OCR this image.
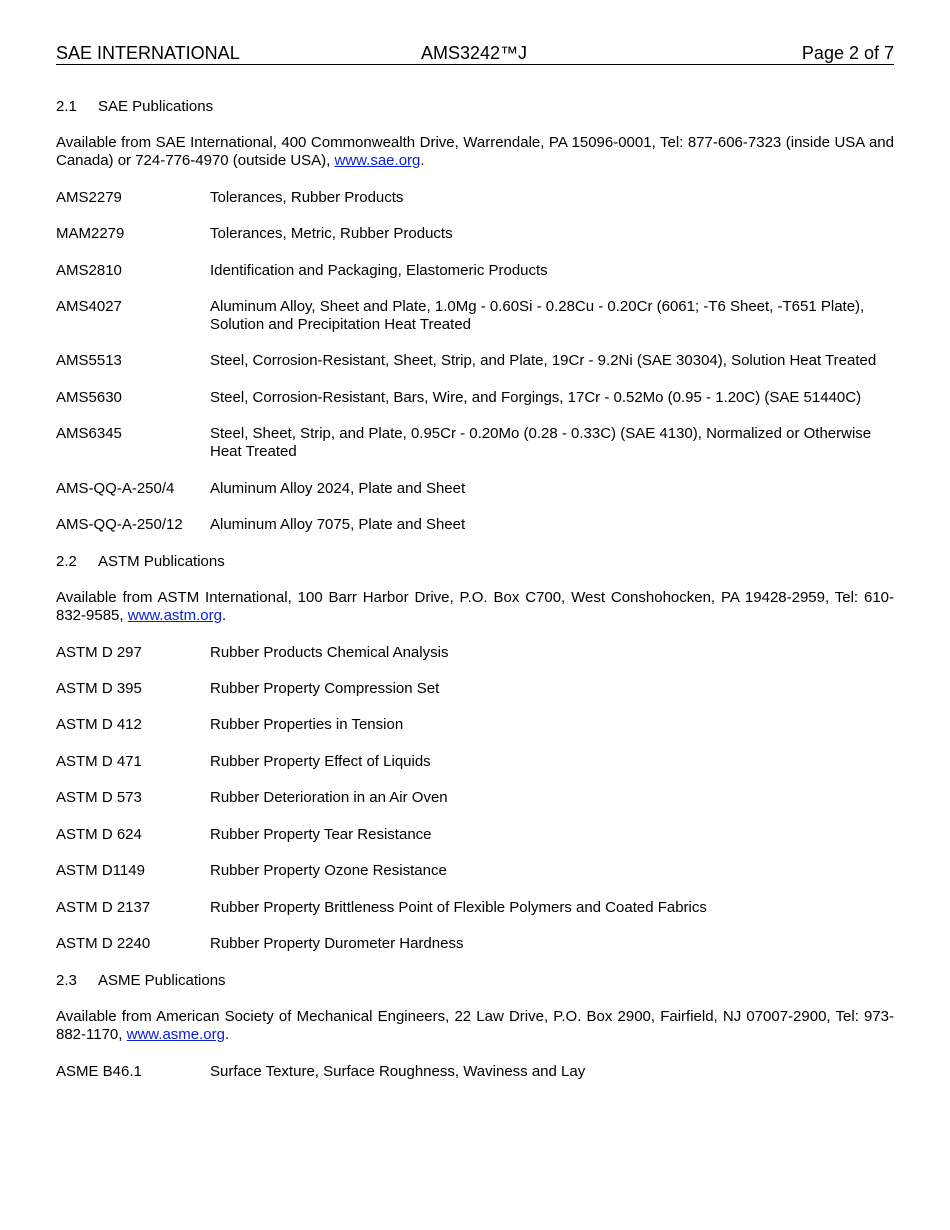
SAE INTERNATIONAL	AMS3242™J	Page 2 of 7
2.1 SAE Publications
Available from SAE International, 400 Commonwealth Drive, Warrendale, PA 15096-0001, Tel: 877-606-7323 (inside USA and Canada) or 724-776-4970 (outside USA), www.sae.org.
AMS2279	Tolerances, Rubber Products
MAM2279	Tolerances, Metric, Rubber Products
AMS2810	Identification and Packaging, Elastomeric Products
AMS4027	Aluminum Alloy, Sheet and Plate, 1.0Mg - 0.60Si - 0.28Cu - 0.20Cr (6061; -T6 Sheet, -T651 Plate), Solution and Precipitation Heat Treated
AMS5513	Steel, Corrosion-Resistant, Sheet, Strip, and Plate, 19Cr - 9.2Ni (SAE 30304), Solution Heat Treated
AMS5630	Steel, Corrosion-Resistant, Bars, Wire, and Forgings, 17Cr - 0.52Mo (0.95 - 1.20C) (SAE 51440C)
AMS6345	Steel, Sheet, Strip, and Plate, 0.95Cr - 0.20Mo (0.28 - 0.33C) (SAE 4130), Normalized or Otherwise Heat Treated
AMS-QQ-A-250/4	Aluminum Alloy 2024, Plate and Sheet
AMS-QQ-A-250/12	Aluminum Alloy 7075, Plate and Sheet
2.2 ASTM Publications
Available from ASTM International, 100 Barr Harbor Drive, P.O. Box C700, West Conshohocken, PA 19428-2959, Tel: 610-832-9585, www.astm.org.
ASTM D 297	Rubber Products Chemical Analysis
ASTM D 395	Rubber Property Compression Set
ASTM D 412	Rubber Properties in Tension
ASTM D 471	Rubber Property Effect of Liquids
ASTM D 573	Rubber Deterioration in an Air Oven
ASTM D 624	Rubber Property Tear Resistance
ASTM D1149	Rubber Property Ozone Resistance
ASTM D 2137	Rubber Property Brittleness Point of Flexible Polymers and Coated Fabrics
ASTM D 2240	Rubber Property Durometer Hardness
2.3 ASME Publications
Available from American Society of Mechanical Engineers, 22 Law Drive, P.O. Box 2900, Fairfield, NJ 07007-2900, Tel: 973-882-1170, www.asme.org.
ASME B46.1	Surface Texture, Surface Roughness, Waviness and Lay
